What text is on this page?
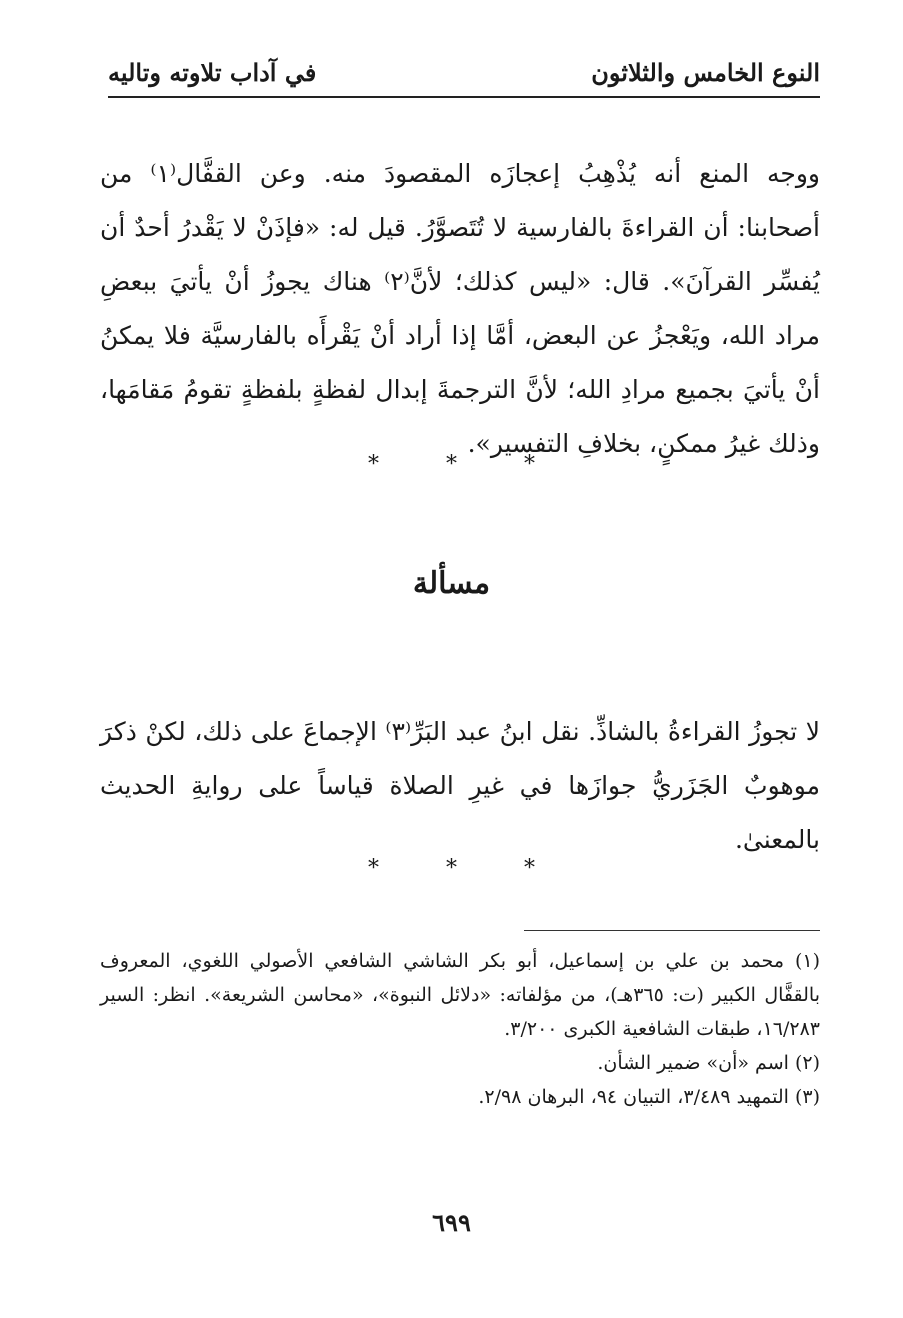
النوع الخامس والثلاثون
في آداب تلاوته وتاليه

ووجه المنع أنه يُذْهِبُ إعجازَه المقصودَ منه. وعن القفَّال⁽١⁾ من أصحابنا: أن القراءةَ بالفارسية لا تُتَصوَّرُ. قيل له: «فإذَنْ لا يَقْدرُ أحدٌ أن يُفسِّر القرآنَ». قال: «ليس كذلك؛ لأنَّ⁽٢⁾ هناك يجوزُ أنْ يأتيَ ببعضِ مراد الله، ويَعْجزُ عن البعض، أمَّا إذا أراد أنْ يَقْرأَه بالفارسيَّة فلا يمكنُ أنْ يأتيَ بجميع مرادِ الله؛ لأنَّ الترجمةَ إبدال لفظةٍ بلفظةٍ تقومُ مَقامَها، وذلك غيرُ ممكنٍ، بخلافِ التفسير».

* * *
مسألة

لا تجوزُ القراءةُ بالشاذِّ. نقل ابنُ عبد البَرِّ⁽٣⁾ الإجماعَ على ذلك، لكنْ ذكرَ موهوبٌ الجَزَريُّ جوازَها في غيرِ الصلاة قياساً على روايةِ الحديث بالمعنىٰ.

* * *

(١) محمد بن علي بن إسماعيل، أبو بكر الشاشي الشافعي الأصولي اللغوي، المعروف بالقفَّال الكبير (ت: ٣٦٥هـ)، من مؤلفاته: «دلائل النبوة»، «محاسن الشريعة». انظر: السير ١٦/٢٨٣، طبقات الشافعية الكبرى ٣/٢٠٠.

(٢) اسم «أن» ضمير الشأن.

(٣) التمهيد ٣/٤٨٩، التبيان ٩٤، البرهان ٢/٩٨.

٦٩٩
